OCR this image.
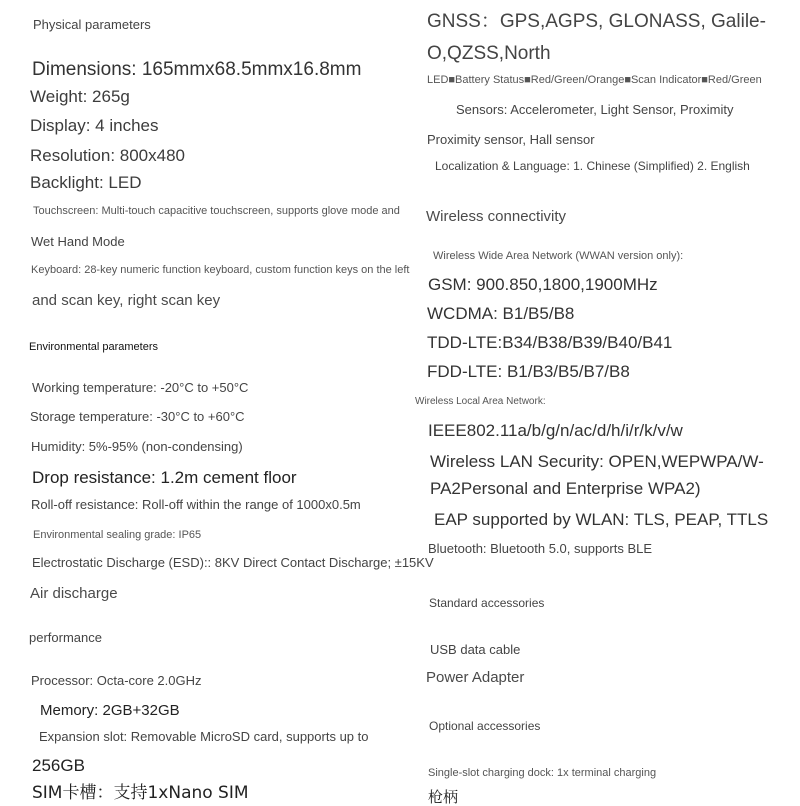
Physical parameters
Dimensions: 165mmx68.5mmx16.8mm
Weight: 265g
Display: 4 inches
Resolution: 800x480
Backlight: LED
Touchscreen: Multi-touch capacitive touchscreen, supports glove mode and
Wet Hand Mode
Keyboard: 28-key numeric function keyboard, custom function keys on the left
and scan key, right scan key
Environmental parameters
Working temperature: -20°C to +50°C
Storage temperature: -30°C to +60°C
Humidity: 5%-95% (non-condensing)
Drop resistance: 1.2m cement floor
Roll-off resistance: Roll-off within the range of 1000x0.5m
Environmental sealing grade: IP65
Electrostatic Discharge (ESD):: 8KV Direct Contact Discharge; ±15KV
Air discharge
performance
Processor: Octa-core 2.0GHz
Memory: 2GB+32GB
Expansion slot: Removable MicroSD card, supports up to
256GB
SIM卡槽：支持1xNano SIM
GNSS：GPS,AGPS, GLONASS, Galile-
O,QZSS,North
LED■Battery Status■Red/Green/Orange■Scan Indicator■Red/Green
Sensors: Accelerometer, Light Sensor, Proximity
Proximity sensor, Hall sensor
Localization & Language: 1. Chinese (Simplified) 2. English
Wireless connectivity
Wireless Wide Area Network (WWAN version only):
GSM: 900.850,1800,1900MHz
WCDMA: B1/B5/B8
TDD-LTE:B34/B38/B39/B40/B41
FDD-LTE: B1/B3/B5/B7/B8
Wireless Local Area Network:
IEEE802.11a/b/g/n/ac/d/h/i/r/k/v/w
Wireless LAN Security: OPEN,WEPWPA/W-
PA2Personal and Enterprise WPA2)
EAP supported by WLAN: TLS, PEAP, TTLS
Bluetooth: Bluetooth 5.0, supports BLE
Standard accessories
USB data cable
Power Adapter
Optional accessories
Single-slot charging dock: 1x terminal charging
枪柄
